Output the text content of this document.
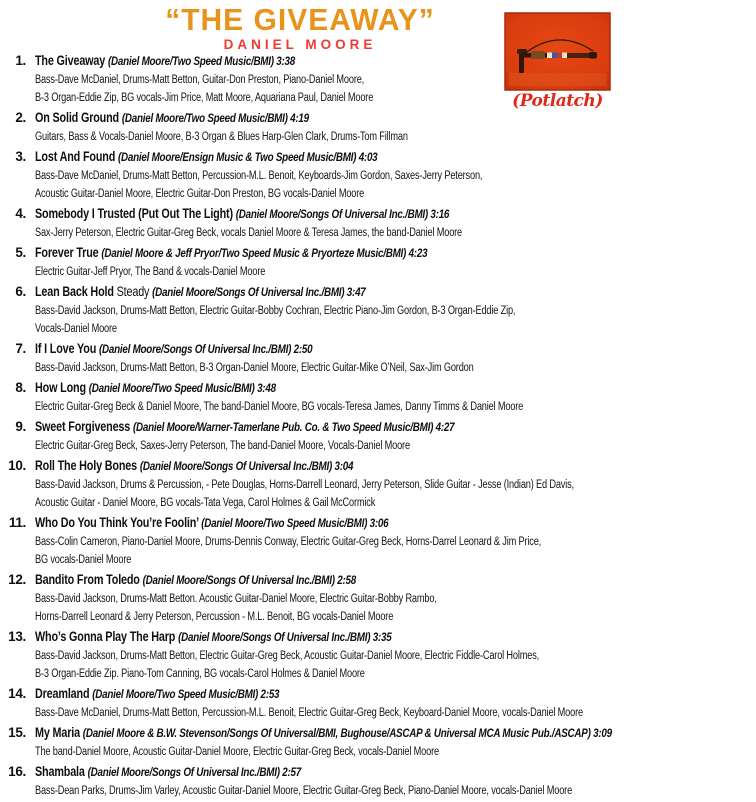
“THE GIVEAWAY”
DANIEL MOORE
(Potlatch)
1. The Giveaway (Daniel Moore/Two Speed Music/BMI) 3:38
Bass-Dave McDaniel, Drums-Matt Betton, Guitar-Don Preston, Piano-Daniel Moore,
B-3 Organ-Eddie Zip, BG vocals-Jim Price, Matt Moore, Aquariana Paul, Daniel Moore
2. On Solid Ground (Daniel Moore/Two Speed Music/BMI) 4:19
Guitars, Bass & Vocals-Daniel Moore, B-3 Organ & Blues Harp-Glen Clark, Drums-Tom Fillman
3. Lost And Found (Daniel Moore/Ensign Music & Two Speed Music/BMI) 4:03
Bass-Dave McDaniel, Drums-Matt Betton, Percussion-M.L. Benoit, Keyboards-Jim Gordon, Saxes-Jerry Peterson,
Acoustic Guitar-Daniel Moore, Electric Guitar-Don Preston, BG vocals-Daniel Moore
4. Somebody I Trusted (Put Out The Light) (Daniel Moore/Songs Of Universal Inc./BMI) 3:16
Sax-Jerry Peterson, Electric Guitar-Greg Beck, vocals Daniel Moore & Teresa James, the band-Daniel Moore
5. Forever True (Daniel Moore & Jeff Pryor/Two Speed Music & Pryorteze Music/BMI) 4:23
Electric Guitar-Jeff Pryor, The Band & vocals-Daniel Moore
6. Lean Back Hold Steady (Daniel Moore/Songs Of Universal Inc./BMI) 3:47
Bass-David Jackson, Drums-Matt Betton, Electric Guitar-Bobby Cochran, Electric Piano-Jim Gordon, B-3 Organ-Eddie Zip,
Vocals-Daniel Moore
7. If I Love You (Daniel Moore/Songs Of Universal Inc./BMI) 2:50
Bass-David Jackson, Drums-Matt Betton, B-3 Organ-Daniel Moore, Electric Guitar-Mike O’Neil, Sax-Jim Gordon
8. How Long (Daniel Moore/Two Speed Music/BMI) 3:48
Electric Guitar-Greg Beck & Daniel Moore, The band-Daniel Moore, BG vocals-Teresa James, Danny Timms & Daniel Moore
9. Sweet Forgiveness (Daniel Moore/Warner-Tamerlane Pub. Co. & Two Speed Music/BMI) 4:27
Electric Guitar-Greg Beck, Saxes-Jerry Peterson, The band-Daniel Moore, Vocals-Daniel Moore
10. Roll The Holy Bones (Daniel Moore/Songs Of Universal Inc./BMI) 3:04
Bass-David Jackson, Drums & Percussion, - Pete Douglas, Horns-Darrell Leonard, Jerry Peterson, Slide Guitar - Jesse (Indian) Ed Davis,
Acoustic Guitar - Daniel Moore, BG vocals-Tata Vega, Carol Holmes & Gail McCormick
11. Who Do You Think You’re Foolin’ (Daniel Moore/Two Speed Music/BMI) 3:06
Bass-Colin Cameron, Piano-Daniel Moore, Drums-Dennis Conway, Electric Guitar-Greg Beck, Horns-Darrel Leonard & Jim Price,
BG vocals-Daniel Moore
12. Bandito From Toledo (Daniel Moore/Songs Of Universal Inc./BMI) 2:58
Bass-David Jackson, Drums-Matt Betton. Acoustic Guitar-Daniel Moore, Electric Guitar-Bobby Rambo,
Horns-Darrell Leonard & Jerry Peterson, Percussion - M.L. Benoit, BG vocals-Daniel Moore
13. Who’s Gonna Play The Harp (Daniel Moore/Songs Of Universal Inc./BMI) 3:35
Bass-David Jackson, Drums-Matt Betton, Electric Guitar-Greg Beck, Acoustic Guitar-Daniel Moore, Electric Fiddle-Carol Holmes,
B-3 Organ-Eddie Zip. Piano-Tom Canning, BG vocals-Carol Holmes & Daniel Moore
14. Dreamland (Daniel Moore/Two Speed Music/BMI) 2:53
Bass-Dave McDaniel, Drums-Matt Betton, Percussion-M.L. Benoit, Electric Guitar-Greg Beck, Keyboard-Daniel Moore, vocals-Daniel Moore
15. My Maria (Daniel Moore & B.W. Stevenson/Songs Of Universal/BMI, Bughouse/ASCAP & Universal MCA Music Pub./ASCAP) 3:09
The band-Daniel Moore, Acoustic Guitar-Daniel Moore, Electric Guitar-Greg Beck, vocals-Daniel Moore
16. Shambala (Daniel Moore/Songs Of Universal Inc./BMI) 2:57
Bass-Dean Parks, Drums-Jim Varley, Acoustic Guitar-Daniel Moore, Electric Guitar-Greg Beck, Piano-Daniel Moore, vocals-Daniel Moore
